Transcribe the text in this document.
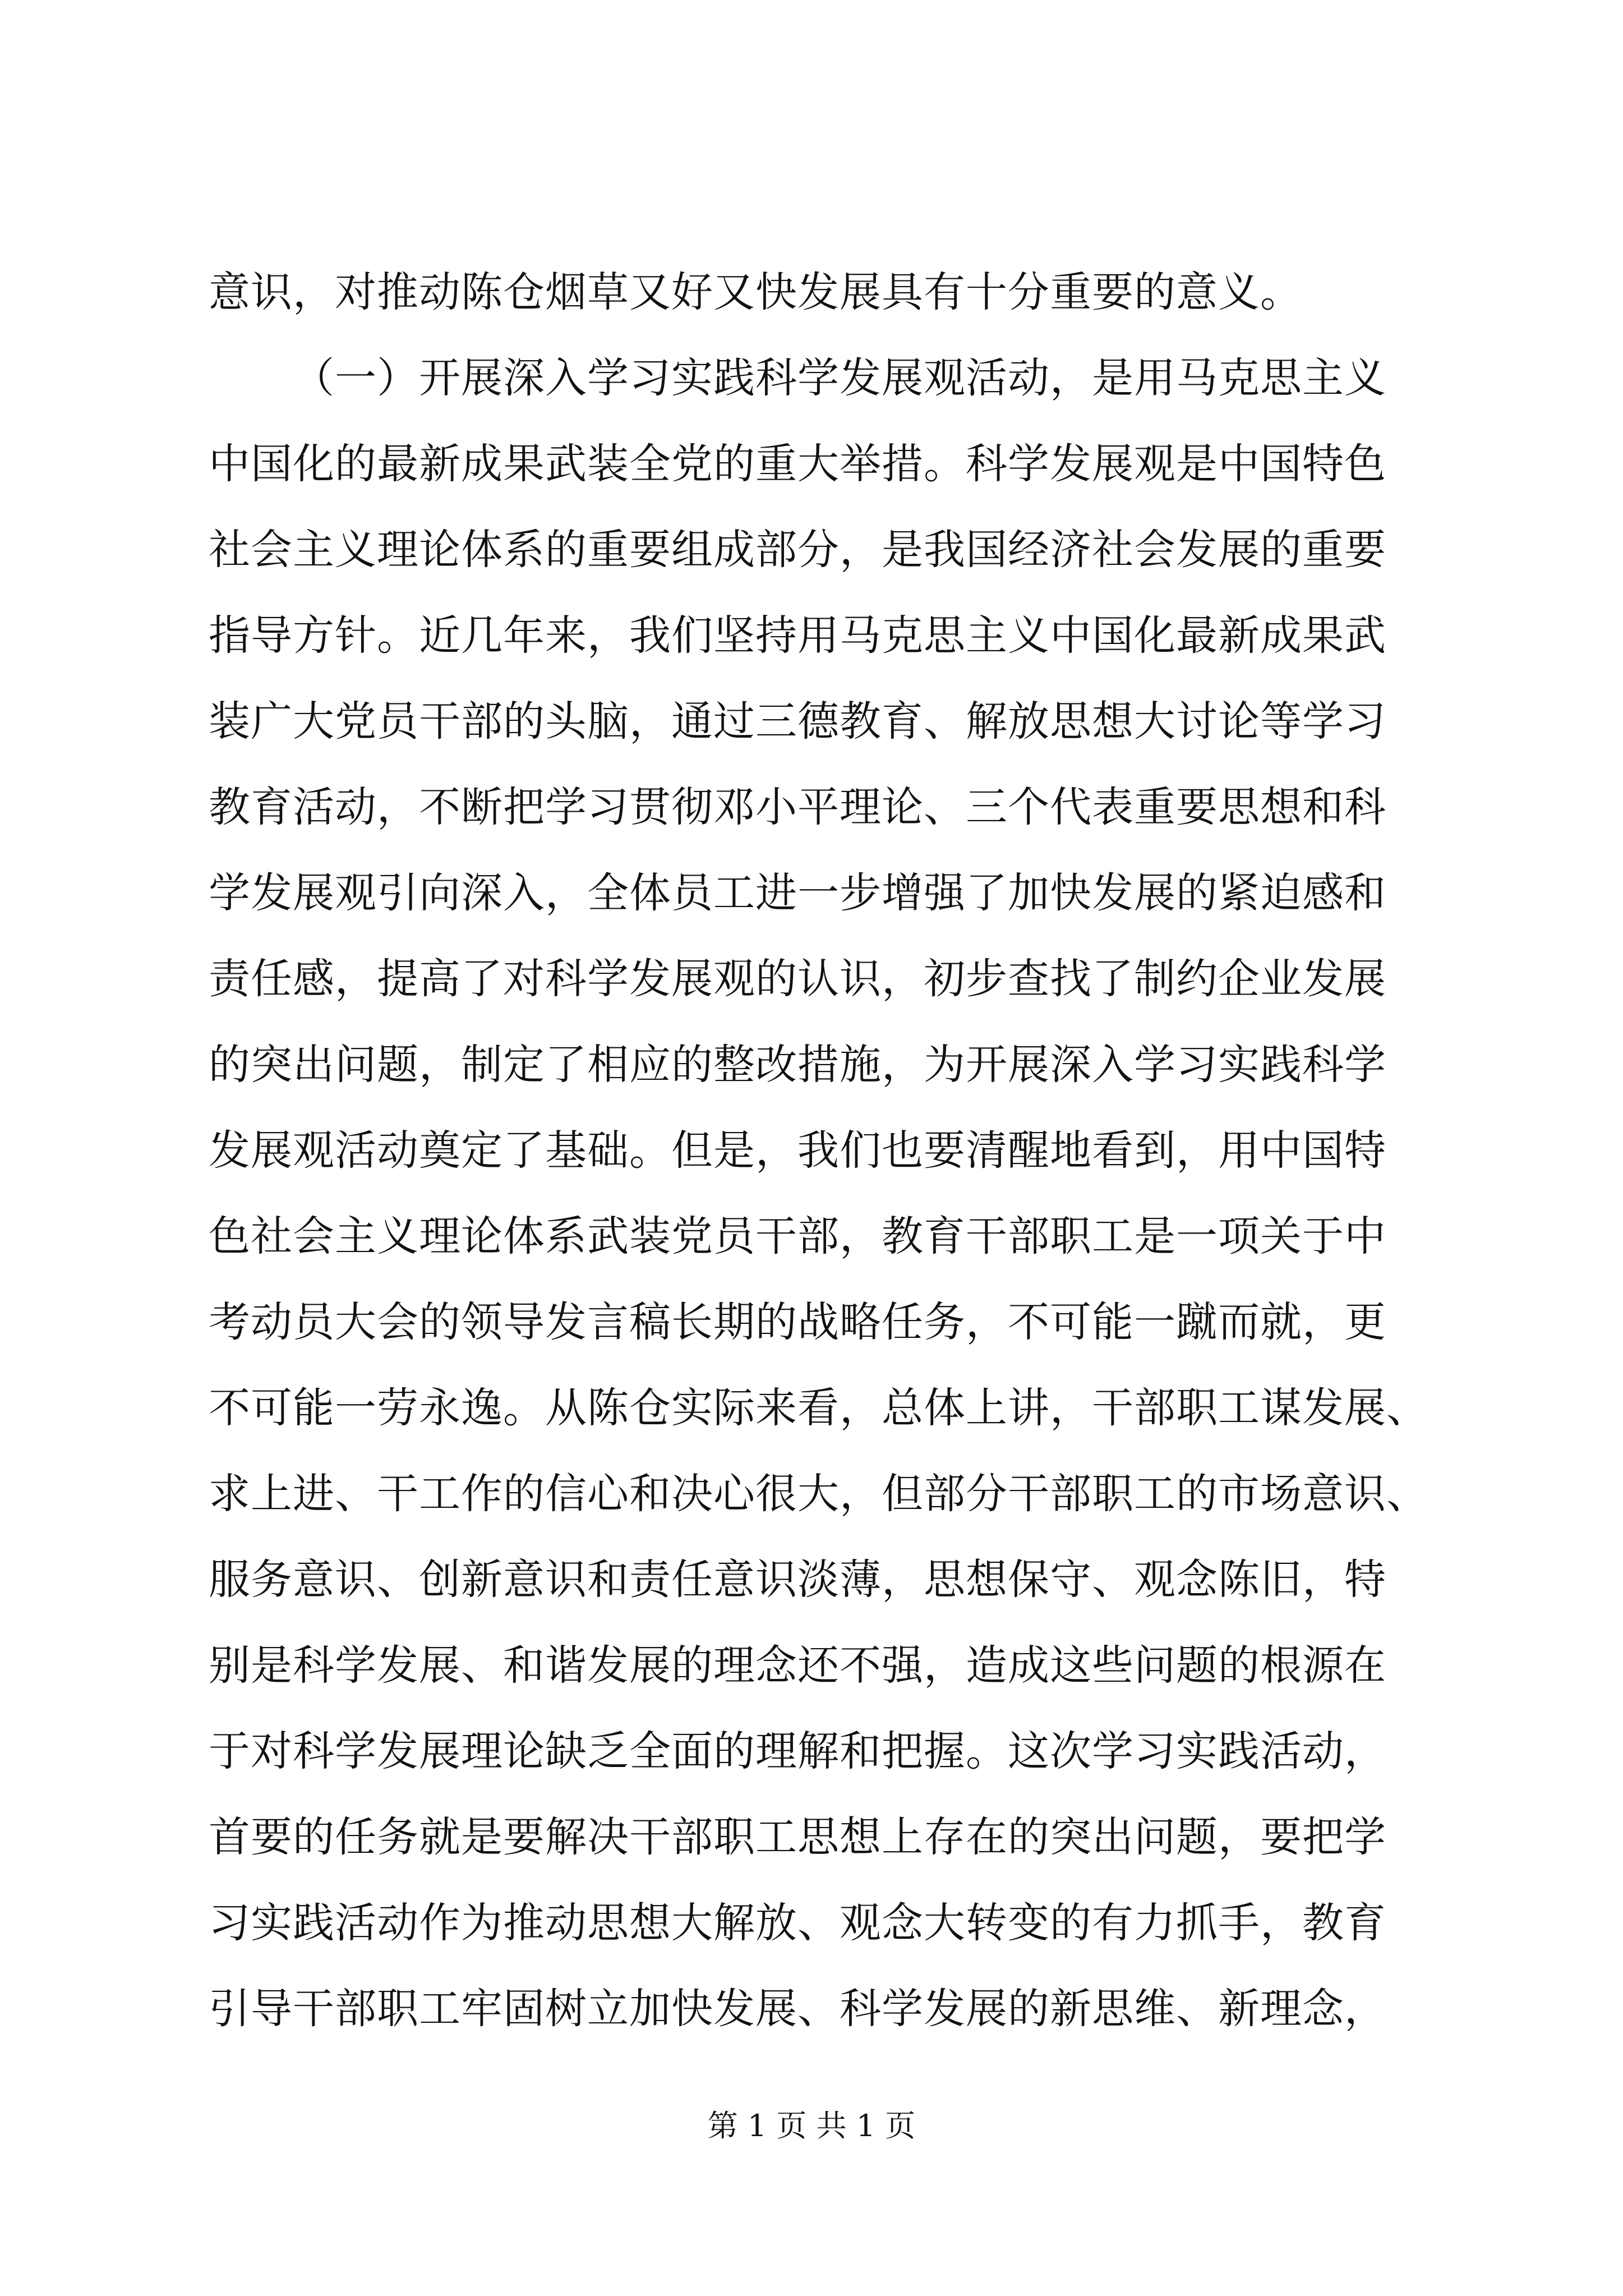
意识，对推动陈仓烟草又好又快发展具有十分重要的意义。
（一）开展深入学习实践科学发展观活动，是用马克思主义
中国化的最新成果武装全党的重大举措。科学发展观是中国特色
社会主义理论体系的重要组成部分，是我国经济社会发展的重要
指导方针。近几年来，我们坚持用马克思主义中国化最新成果武
装广大党员干部的头脑，通过三德教育、解放思想大讨论等学习
教育活动，不断把学习贯彻邓小平理论、三个代表重要思想和科
学发展观引向深入，全体员工进一步增强了加快发展的紧迫感和
责任感，提高了对科学发展观的认识，初步查找了制约企业发展
的突出问题，制定了相应的整改措施，为开展深入学习实践科学
发展观活动奠定了基础。但是，我们也要清醒地看到，用中国特
色社会主义理论体系武装党员干部，教育干部职工是一项关于中
考动员大会的领导发言稿长期的战略任务，不可能一蹴而就，更
不可能一劳永逸。从陈仓实际来看，总体上讲，干部职工谋发展、
求上进、干工作的信心和决心很大，但部分干部职工的市场意识、
服务意识、创新意识和责任意识淡薄，思想保守、观念陈旧，特
别是科学发展、和谐发展的理念还不强，造成这些问题的根源在
于对科学发展理论缺乏全面的理解和把握。这次学习实践活动，
首要的任务就是要解决干部职工思想上存在的突出问题，要把学
习实践活动作为推动思想大解放、观念大转变的有力抓手，教育
引导干部职工牢固树立加快发展、科学发展的新思维、新理念，
第 1 页 共 1 页
